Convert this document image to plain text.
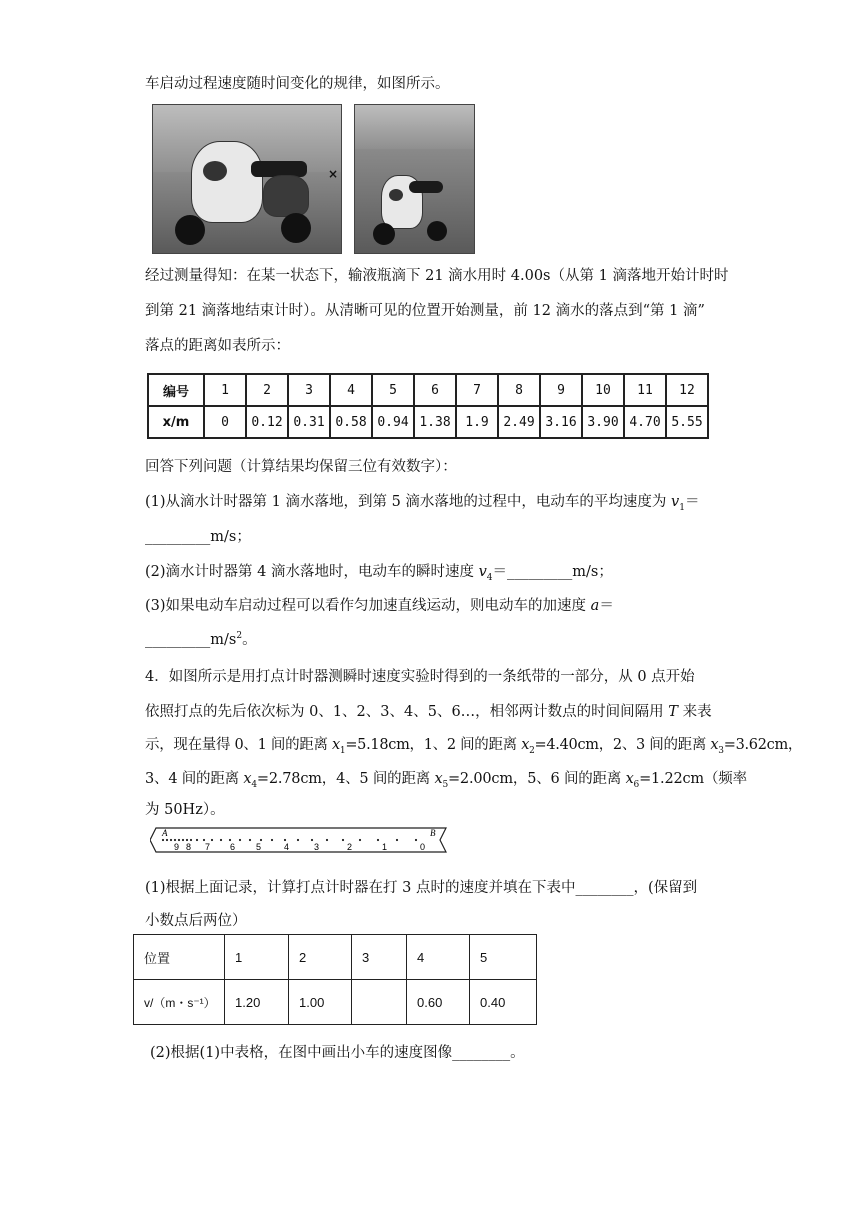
车启动过程速度随时间变化的规律，如图所示。
×
经过测量得知：在某一状态下，输液瓶滴下 21 滴水用时 4.00s（从第 1 滴落地开始计时时
到第 21 滴落地结束计时）。从清晰可见的位置开始测量，前 12 滴水的落点到“第 1 滴”
落点的距离如表所示：
编号	1	2	3	4	5	6	7	8	9	10	11	12
x/m	0	0.12	0.31	0.58	0.94	1.38	1.9	2.49	3.16	3.90	4.70	5.55
回答下列问题（计算结果均保留三位有效数字）：
(1)从滴水计时器第 1 滴水落地，到第 5 滴水落地的过程中，电动车的平均速度为 $v_1=$
_________m/s；
(2)滴水计时器第 4 滴水落地时，电动车的瞬时速度 $v_4=\_\_\_\_\_\_\_\_\_m/s$；
(3)如果电动车启动过程可以看作匀加速直线运动，则电动车的加速度 a＝
$\_\_\_\_\_\_\_\_\_m/s^2$。
4．如图所示是用打点计时器测瞬时速度实验时得到的一条纸带的一部分，从 0 点开始
依照打点的先后依次标为 0、1、2、3、4、5、6…，相邻两计数点的时间间隔用 T 来表
示，现在量得 0、1 间的距离 $x_1=5.18cm$，1、2 间的距离 $x_2=4.40cm$，2、3 间的距离 $x_3=3.62cm$，
3、4 间的距离 $x_4=2.78cm$，4、5 间的距离 $x_5=2.00cm$，5、6 间的距离 $x_6=1.22cm$（频率
为 50Hz）。
A	B
9 8 7 6 5	4	3	2	1	0
(1)根据上面记录，计算打点计时器在打 3 点时的速度并填在下表中________，(保留到
小数点后两位）
位置	1	2	3	4	5
v/（m・s⁻¹）	1.20	1.00		0.60	0.40
(2)根据(1)中表格，在图中画出小车的速度图像________。
